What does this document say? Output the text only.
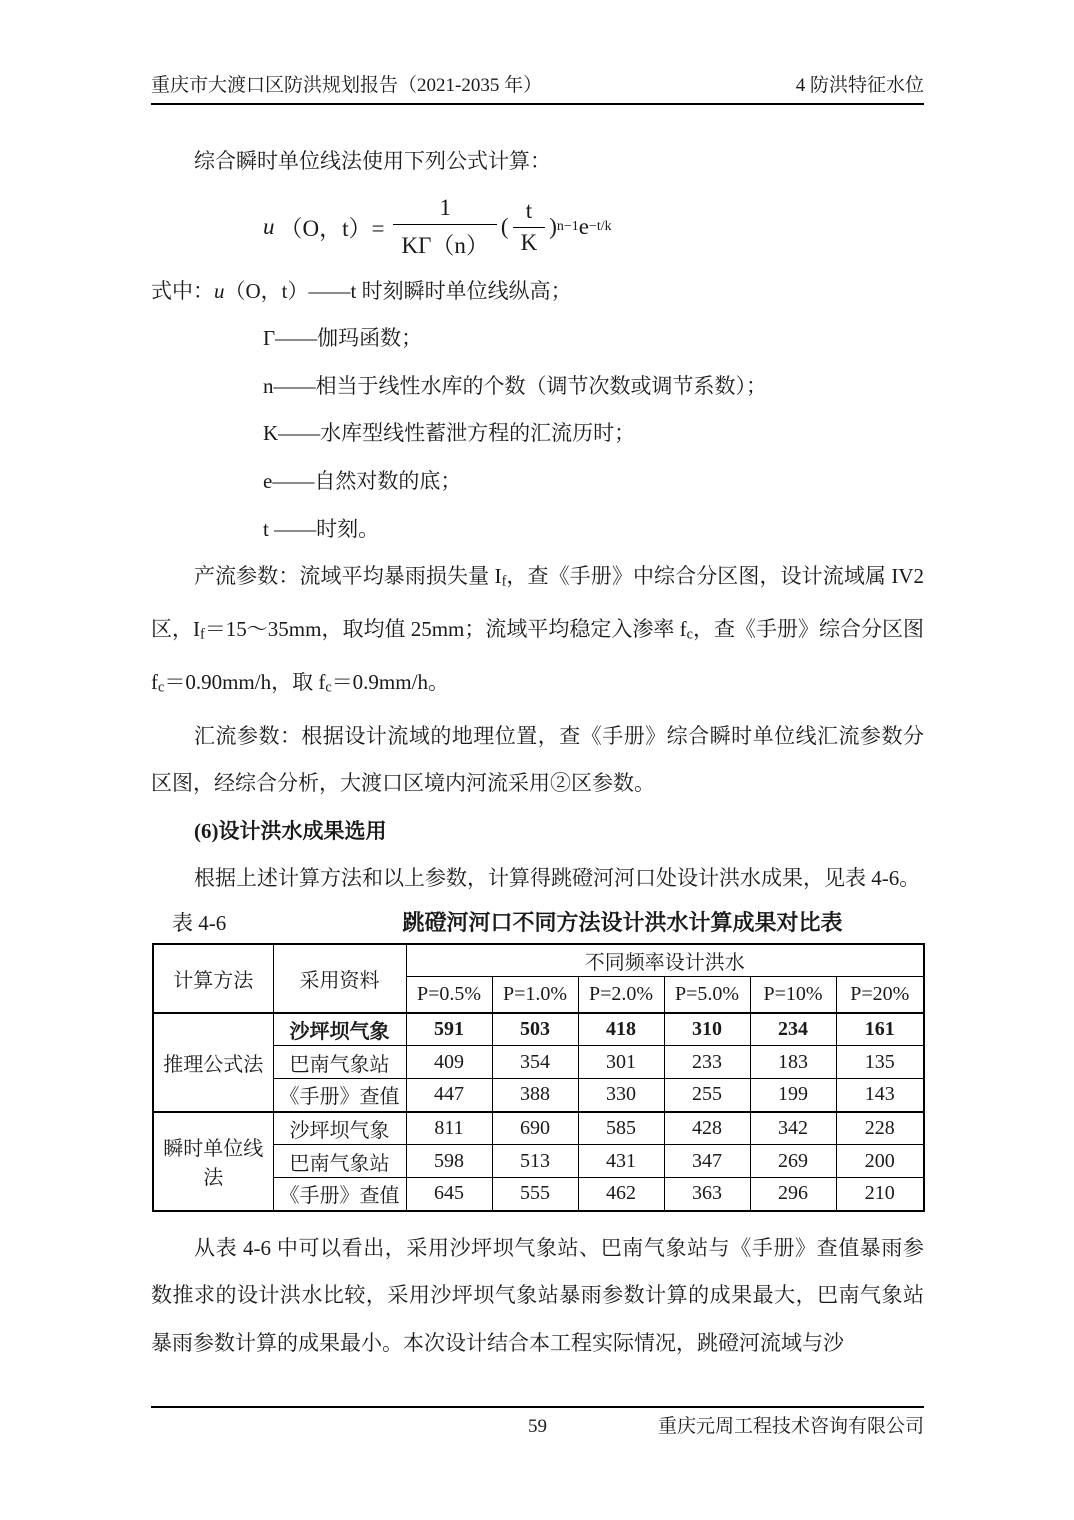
重庆市大渡口区防洪规划报告（2021-2035 年）	4 防洪特征水位

综合瞬时单位线法使用下列公式计算：

u （O，$t)= \frac{1}{K\Gamma(n)}$ ( $\frac{t}{K}$ ) n−1 e −t/k

式中：u（O，t）——t 时刻瞬时单位线纵高；

Γ——伽玛函数；

n——相当于线性水库的个数（调节次数或调节系数）；

K——水库型线性蓄泄方程的汇流历时；

e——自然对数的底；

t ——时刻。

产流参数：流域平均暴雨损失量 $I_f$，查《手册》中综合分区图，设计流域属 IV2 区，$I_f=15\sim 35mm$，取均值 25mm；流域平均稳定入渗率 $f_c$，查《手册》综合分区图 $f_c=0.90mm/h$，取 $f_c=0.9mm/h$。

汇流参数：根据设计流域的地理位置，查《手册》综合瞬时单位线汇流参数分区图，经综合分析，大渡口区境内河流采用②区参数。

(6)设计洪水成果选用

根据上述计算方法和以上参数，计算得跳磴河河口处设计洪水成果，见表 4-6。

表 4-6	跳磴河河口不同方法设计洪水计算成果对比表
计算方法	采用资料	不同频率设计洪水					
		P=0.5%	P=1.0%	P=2.0%	P=5.0%	P=10%	P=20%
推理公式法	沙坪坝气象	591	503	418	310	234	161
	巴南气象站	409	354	301	233	183	135
	《手册》查值	447	388	330	255	199	143
瞬时单位线法	沙坪坝气象	811	690	585	428	342	228
	巴南气象站	598	513	431	347	269	200
	《手册》查值	645	555	462	363	296	210

从表 4-6 中可以看出，采用沙坪坝气象站、巴南气象站与《手册》查值暴雨参数推求的设计洪水比较，采用沙坪坝气象站暴雨参数计算的成果最大，巴南气象站暴雨参数计算的成果最小。本次设计结合本工程实际情况，跳磴河流域与沙

59	重庆元周工程技术咨询有限公司
